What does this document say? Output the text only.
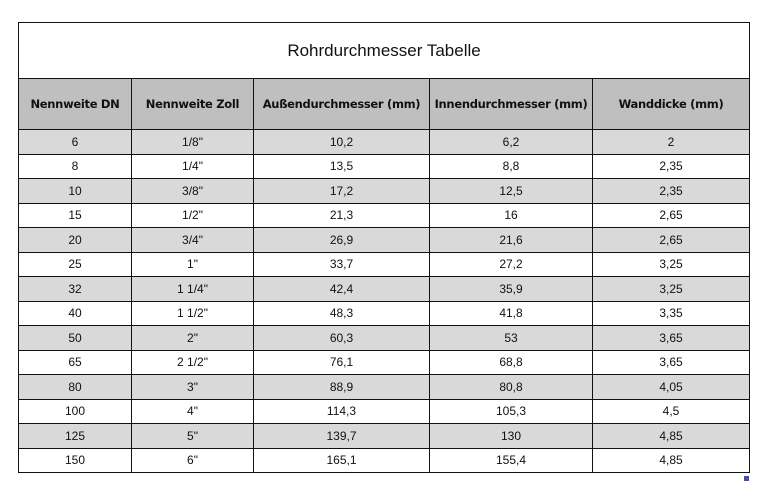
Rohrdurchmesser Tabelle				
Nennweite DN	Nennweite Zoll	Außendurchmesser (mm)	Innendurchmesser (mm)	Wanddicke (mm)
6	1/8"	10,2	6,2	2
8	1/4"	13,5	8,8	2,35
10	3/8"	17,2	12,5	2,35
15	1/2"	21,3	16	2,65
20	3/4"	26,9	21,6	2,65
25	1"	33,7	27,2	3,25
32	1 1/4"	42,4	35,9	3,25
40	1 1/2"	48,3	41,8	3,35
50	2"	60,3	53	3,65
65	2 1/2"	76,1	68,8	3,65
80	3"	88,9	80,8	4,05
100	4"	114,3	105,3	4,5
125	5"	139,7	130	4,85
150	6"	165,1	155,4	4,85
